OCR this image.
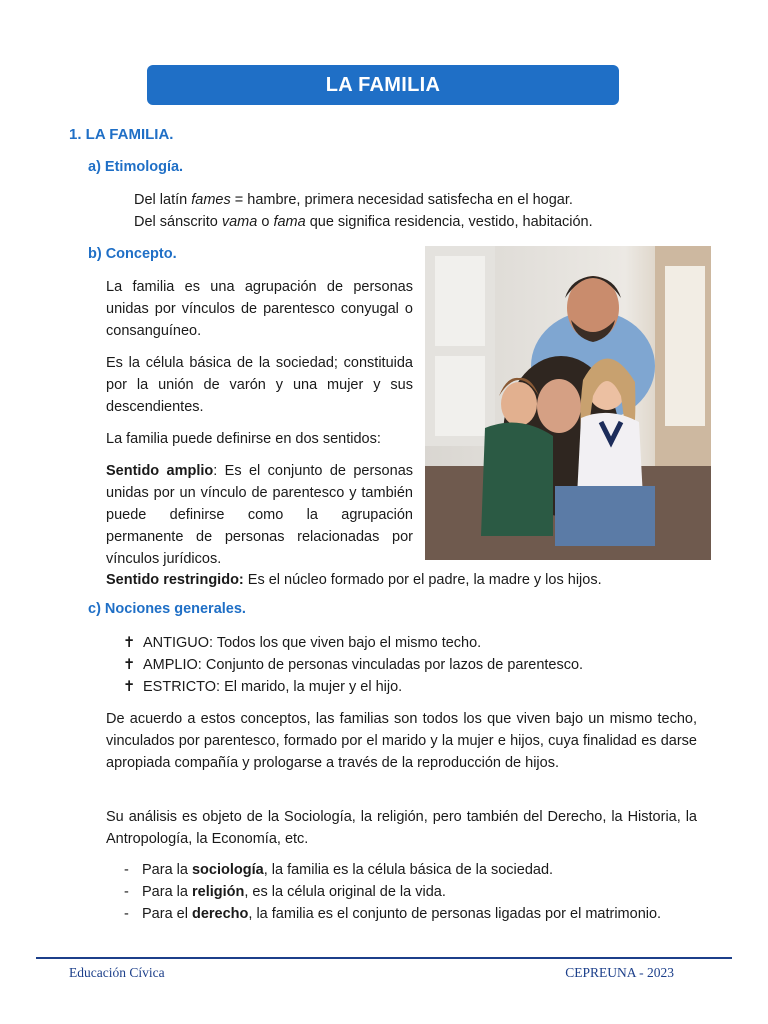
LA FAMILIA
1. LA FAMILIA.
a) Etimología.
Del latín fames = hambre, primera necesidad satisfecha en el hogar.
Del sánscrito vama o fama que significa residencia, vestido, habitación.
b) Concepto.
La familia es una agrupación de personas unidas por vínculos de parentesco conyugal o consanguíneo.
Es la célula básica de la sociedad; constituida por la unión de varón y una mujer y sus descendientes.
La familia puede definirse en dos sentidos:
Sentido amplio: Es el conjunto de personas unidas por un vínculo de parentesco y también puede definirse como la agrupación permanente de personas relacionadas por vínculos jurídicos.
Sentido restringido: Es el núcleo formado por el padre, la madre y los hijos.
c) Nociones generales.
✝ ANTIGUO: Todos los que viven bajo el mismo techo.
✝ AMPLIO: Conjunto de personas vinculadas por lazos de parentesco.
✝ ESTRICTO: El marido, la mujer y el hijo.
De acuerdo a estos conceptos, las familias son todos los que viven bajo un mismo techo, vinculados por parentesco, formado por el marido y la mujer e hijos, cuya finalidad es darse apropiada compañía y prologarse a través de la reproducción de hijos.
Su análisis es objeto de la Sociología, la religión, pero también del Derecho, la Historia, la Antropología, la Economía, etc.
- Para la sociología, la familia es la célula básica de la sociedad.
- Para la religión, es la célula original de la vida.
- Para el derecho, la familia es el conjunto de personas ligadas por el matrimonio.
Educación Cívica	CEPREUNA - 2023
